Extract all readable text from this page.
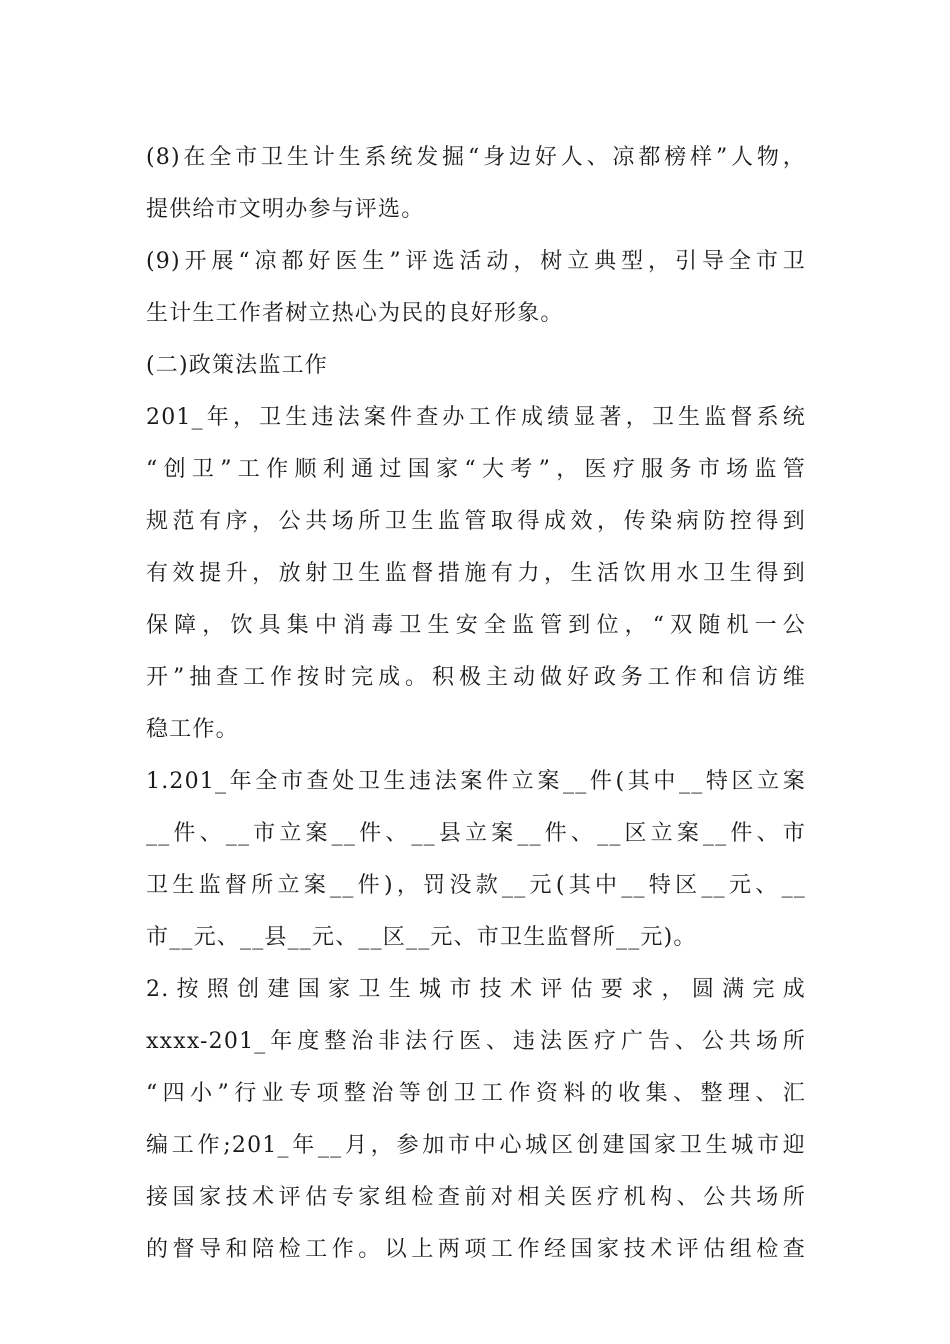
(8)在全市卫生计生系统发掘“身边好人、凉都榜样”人物，
提供给市文明办参与评选。
(9)开展“凉都好医生”评选活动，树立典型，引导全市卫
生计生工作者树立热心为民的良好形象。
(二)政策法监工作
201_年，卫生违法案件查办工作成绩显著，卫生监督系统
“创卫”工作顺利通过国家“大考”，医疗服务市场监管
规范有序，公共场所卫生监管取得成效，传染病防控得到
有效提升，放射卫生监督措施有力，生活饮用水卫生得到
保障，饮具集中消毒卫生安全监管到位，“双随机一公
开”抽查工作按时完成。积极主动做好政务工作和信访维
稳工作。
1.201_年全市查处卫生违法案件立案__件(其中__特区立案
__件、__市立案__件、__县立案__件、__区立案__件、市
卫生监督所立案__件)，罚没款__元(其中__特区__元、__
市__元、__县__元、__区__元、市卫生监督所__元)。
2.按照创建国家卫生城市技术评估要求，圆满完成
xxxx-201_年度整治非法行医、违法医疗广告、公共场所
“四小”行业专项整治等创卫工作资料的收集、整理、汇
编工作;201_年__月，参加市中心城区创建国家卫生城市迎
接国家技术评估专家组检查前对相关医疗机构、公共场所
的督导和陪检工作。以上两项工作经国家技术评估组检查
